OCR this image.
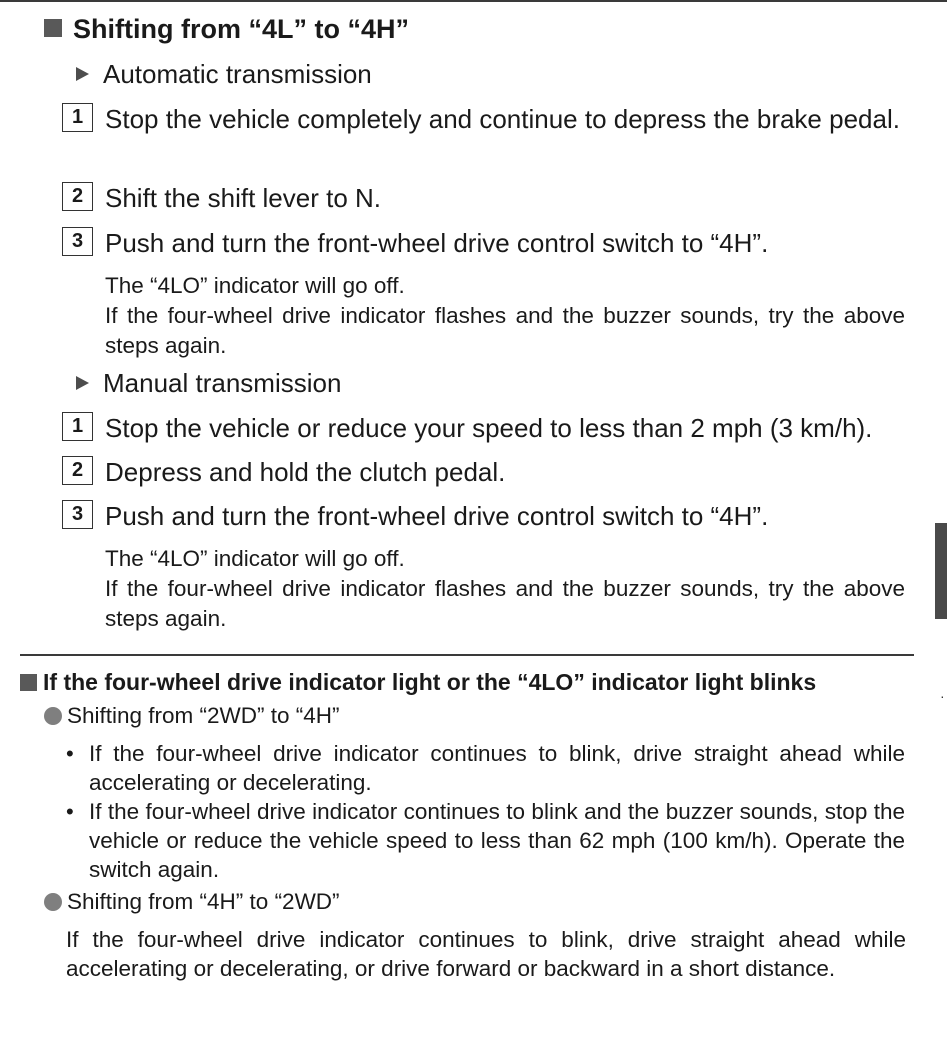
·
Shifting from “4L” to “4H”
Automatic transmission
1 Stop the vehicle completely and continue to depress the brake pedal.
2 Shift the shift lever to N.
3 Push and turn the front-wheel drive control switch to “4H”.
The “4LO” indicator will go off.
If the four-wheel drive indicator flashes and the buzzer sounds, try the above steps again.
Manual transmission
1 Stop the vehicle or reduce your speed to less than 2 mph (3 km/h).
2 Depress and hold the clutch pedal.
3 Push and turn the front-wheel drive control switch to “4H”.
The “4LO” indicator will go off.
If the four-wheel drive indicator flashes and the buzzer sounds, try the above steps again.
If the four-wheel drive indicator light or the “4LO” indicator light blinks
Shifting from “2WD” to “4H”
• If the four-wheel drive indicator continues to blink, drive straight ahead while accelerating or decelerating.
• If the four-wheel drive indicator continues to blink and the buzzer sounds, stop the vehicle or reduce the vehicle speed to less than 62 mph (100 km/h). Operate the switch again.
Shifting from “4H” to “2WD”
If the four-wheel drive indicator continues to blink, drive straight ahead while accelerating or decelerating, or drive forward or backward in a short distance.
